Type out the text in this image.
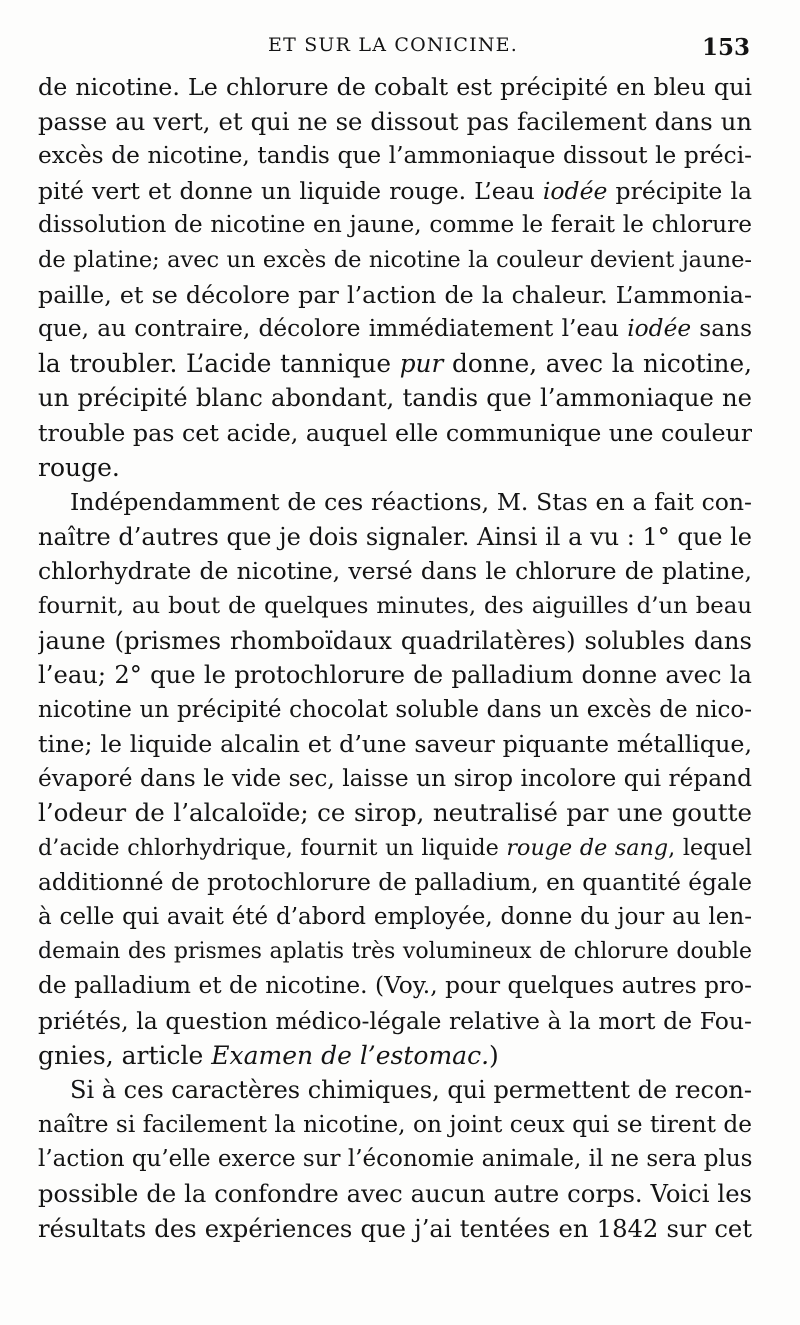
ET SUR LA CONICINE.	153
de nicotine. Le chlorure de cobalt est précipité en bleu qui
passe au vert, et qui ne se dissout pas facilement dans un
excès de nicotine, tandis que l’ammoniaque dissout le préci-
pité vert et donne un liquide rouge. L’eau iodée précipite la
dissolution de nicotine en jaune, comme le ferait le chlorure
de platine; avec un excès de nicotine la couleur devient jaune-
paille, et se décolore par l’action de la chaleur. L’ammonia-
que, au contraire, décolore immédiatement l’eau iodée sans
la troubler. L’acide tannique pur donne, avec la nicotine,
un précipité blanc abondant, tandis que l’ammoniaque ne
trouble pas cet acide, auquel elle communique une couleur
rouge.
Indépendamment de ces réactions, M. Stas en a fait con-
naître d’autres que je dois signaler. Ainsi il a vu : 1° que le
chlorhydrate de nicotine, versé dans le chlorure de platine,
fournit, au bout de quelques minutes, des aiguilles d’un beau
jaune (prismes rhomboïdaux quadrilatères) solubles dans
l’eau; 2° que le protochlorure de palladium donne avec la
nicotine un précipité chocolat soluble dans un excès de nico-
tine; le liquide alcalin et d’une saveur piquante métallique,
évaporé dans le vide sec, laisse un sirop incolore qui répand
l’odeur de l’alcaloïde; ce sirop, neutralisé par une goutte
d’acide chlorhydrique, fournit un liquide rouge de sang, lequel
additionné de protochlorure de palladium, en quantité égale
à celle qui avait été d’abord employée, donne du jour au len-
demain des prismes aplatis très volumineux de chlorure double
de palladium et de nicotine. (Voy., pour quelques autres pro-
priétés, la question médico-légale relative à la mort de Fou-
gnies, article Examen de l’estomac.)
Si à ces caractères chimiques, qui permettent de recon-
naître si facilement la nicotine, on joint ceux qui se tirent de
l’action qu’elle exerce sur l’économie animale, il ne sera plus
possible de la confondre avec aucun autre corps. Voici les
résultats des expériences que j’ai tentées en 1842 sur cet
